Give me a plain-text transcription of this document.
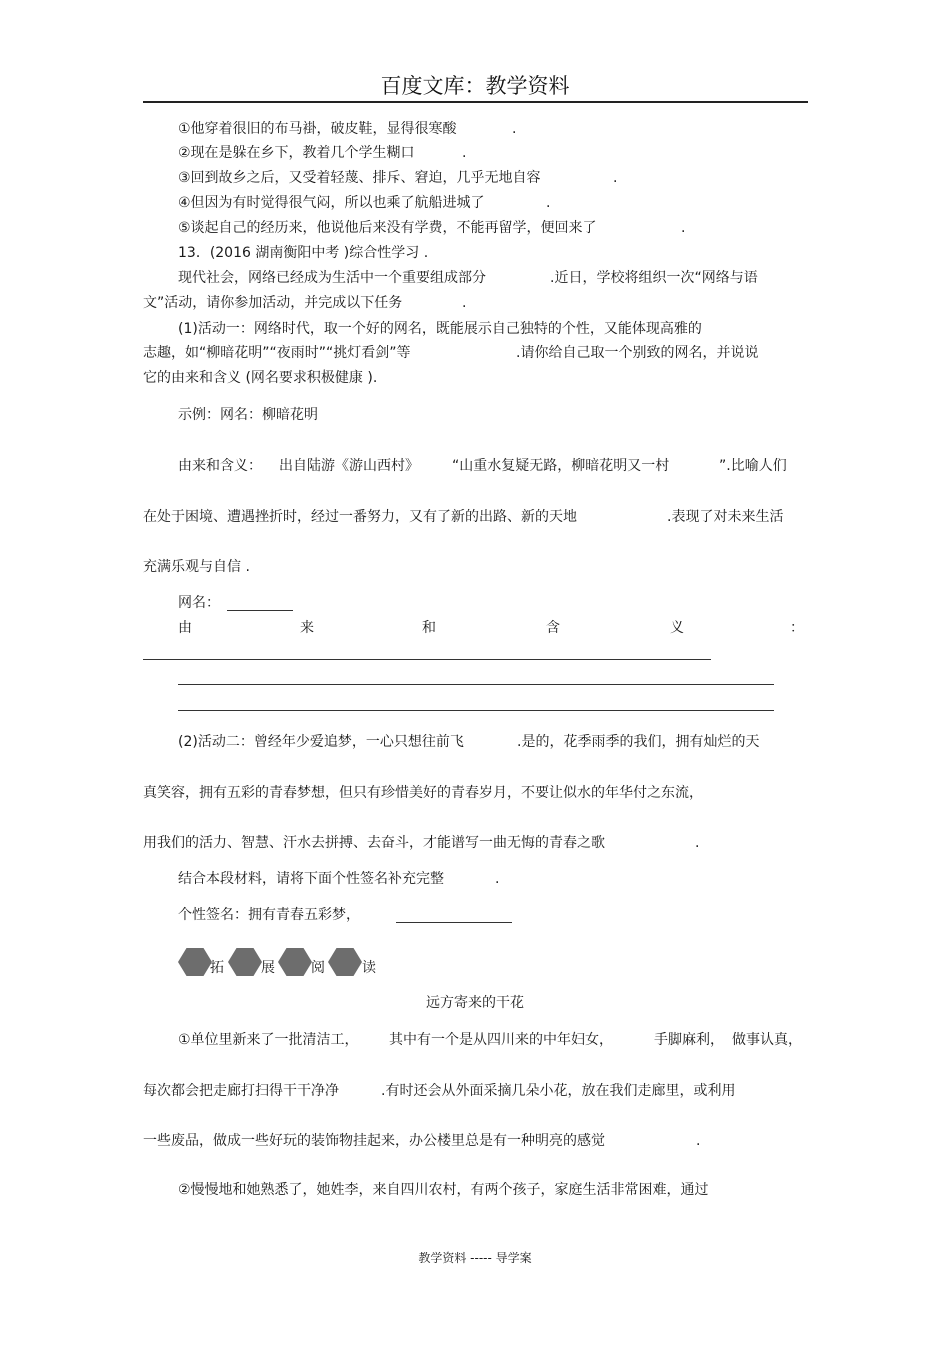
百度文库：教学资料
①他穿着很旧的布马褂，破皮鞋，显得很寒酸	.
②现在是躲在乡下，教着几个学生糊口	.
③回到故乡之后，又受着轻蔑、排斥、窘迫，几乎无地自容	.
④但因为有时觉得很气闷，所以也乘了航船进城了	.
⑤谈起自己的经历来，他说他后来没有学费，不能再留学，便回来了	.
13．(2016 湖南衡阳中考 )综合性学习 .
现代社会，网络已经成为生活中一个重要组成部分	.近日，学校将组织一次“网络与语
文”活动，请你参加活动，并完成以下任务	.
(1)活动一：网络时代，取一个好的网名，既能展示自己独特的个性，又能体现高雅的
志趣，如“柳暗花明”“夜雨时”“挑灯看剑”等	.请你给自己取一个别致的网名，并说说
它的由来和含义 (网名要求积极健康 ).
示例：网名：柳暗花明
由来和含义： 出自陆游《游山西村》 “山重水复疑无路，柳暗花明又一村	”.比喻人们
在处于困境、遭遇挫折时，经过一番努力，又有了新的出路、新的天地	.表现了对未来生活
充满乐观与自信 .
网名：
由	来	和	含	义	：
(2)活动二：曾经年少爱追梦，一心只想往前飞	.是的，花季雨季的我们，拥有灿烂的天
真笑容，拥有五彩的青春梦想，但只有珍惜美好的青春岁月，不要让似水的年华付之东流，
用我们的活力、智慧、汗水去拼搏、去奋斗，才能谱写一曲无悔的青春之歌	.
结合本段材料，请将下面个性签名补充完整	.
个性签名：拥有青春五彩梦，
拓	展	阅	读
远方寄来的干花
①单位里新来了一批清洁工， 其中有一个是从四川来的中年妇女，	手脚麻利， 做事认真，
每次都会把走廊打扫得干干净净	.有时还会从外面采摘几朵小花，放在我们走廊里，或利用
一些废品，做成一些好玩的装饰物挂起来，办公楼里总是有一种明亮的感觉	.
②慢慢地和她熟悉了，她姓李，来自四川农村，有两个孩子，家庭生活非常困难，通过
教学资料 ----- 导学案
